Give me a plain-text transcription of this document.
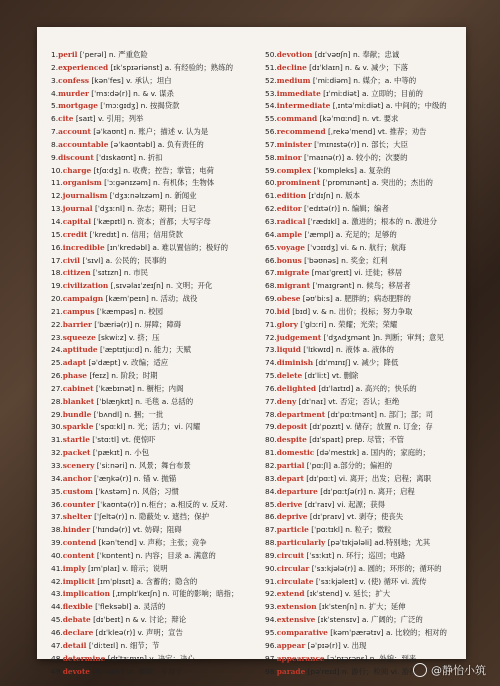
1.peril [ˈperəl] n. 严重危险
2.experienced [ɪkˈspɪəriənst] a. 有经验的；熟练的
3.confess [kənˈfes] v. 承认；坦白
4.murder [ˈmɜːdə(r)] n. & v. 谋杀
5.mortgage [ˈmɔːgɪdʒ] n. 按揭贷款
6.cite [saɪt] v. 引用；列举
7.account [əˈkaʊnt] n. 账户；描述 v. 认为是
8.accountable [əˈkaʊntəbl] a. 负有责任的
9.discount [ˈdɪskaʊnt] n. 折扣
10.charge [tʃɑːdʒ] n. 收费；控告；掌管；电荷
11.organism [ˈɔːgənɪzəm] n. 有机体；生物体
12.journalism [ˈdʒɜːnəlɪzəm] n. 新闻业
13.journal [ˈdʒɜːnl] n. 杂志；期刊；日记
14.capital [ˈkæpɪtl] n. 资本；首都；大写字母
15.credit [ˈkredɪt] n. 信用；信用贷款
16.incredible [ɪnˈkredəbl] a. 难以置信的；极好的
17.civil [ˈsɪvl] a. 公民的；民事的
18.citizen [ˈsɪtɪzn] n. 市民
19.civilization [ˌsɪvəlaɪˈzeɪʃn] n. 文明；开化
20.campaign [kæmˈpeɪn] n. 活动；战役
21.campus [ˈkæmpəs] n. 校园
22.barrier [ˈbæriə(r)] n. 屏障；障碍
23.squeeze [skwiːz] v. 挤；压
24.aptitude [ˈæptɪtjuːd] n. 能力；天赋
25.adapt [əˈdæpt] v. 改编；适应
26.phase [feɪz] n. 阶段；时期
27.cabinet [ˈkæbɪnət] n. 橱柜；内阁
28.blanket [ˈblæŋkɪt] n. 毛毯 a. 总括的
29.bundle [ˈbʌndl] n. 捆；一批
30.sparkle [ˈspɑːkl] n. 光；活力；vi. 闪耀
31.startle [ˈstɑːtl] vt. 使惊吓
32.packet [ˈpækɪt] n. 小包
33.scenery [ˈsiːnəri] n. 风景；舞台布景
34.anchor [ˈæŋkə(r)] n. 锚 v. 抛锚
35.custom [ˈkʌstəm] n. 风俗；习惯
36.counter [ˈkaʊntə(r)] n.柜台；a.相反的 v. 反对.
37.shelter [ˈʃeltə(r)] n. 隐蔽处 v. 遮挡；保护
38.hinder [ˈhɪndə(r)] vt. 妨碍；阻碍
39.contend [kənˈtend] v. 声称；主张；竞争
40.content [ˈkɒntent] n. 内容；目录 a. 满意的
41.imply [ɪmˈplaɪ] v. 暗示；说明
42.implicit [ɪmˈplɪsɪt] a. 含蓄的；隐含的
43.implication [ˌɪmplɪˈkeɪʃn] n. 可能的影响；暗指；
44.flexible [ˈfleksəbl] a. 灵活的
45.debate [dɪˈbeɪt] n & v. 讨论；辩论
46.declare [dɪˈkleə(r)] v. 声明；宣告
47.detail [ˈdiːteɪl] n. 细节；节
48.determine [dɪˈtɜːmɪn] v. 决定；决心
49.devote [dɪˈvəʊt] vt. 奉献；专用于
50.devotion [dɪˈvəʊʃn] n. 奉献；忠诚
51.decline [dɪˈklaɪn] n. & v. 减少；下落
52.medium [ˈmiːdiəm] n. 媒介；a. 中等的
53.immediate [ɪˈmiːdiət] a. 立即的；目前的
54.intermediate [ˌɪntəˈmiːdiət] a. 中间的；中级的
55.command [kəˈmɑːnd] n. vt. 要求
56.recommend [ˌrekəˈmend] vt. 推荐；劝告
57.minister [ˈmɪnɪstə(r)] n. 部长；大臣
58.minor [ˈmaɪnə(r)] a. 较小的；次要的
59.complex [ˈkɒmpleks] a. 复杂的
60.prominent [ˈprɒmɪnənt] a. 突出的；杰出的
61.edition [ɪˈdɪʃn] n. 版本
62.editor [ˈedɪtə(r)] n. 编辑；编者
63.radical [ˈrædɪkl] a. 激进的；根本的 n. 激进分
64.ample [ˈæmpl] a. 充足的；足够的
65.voyage [ˈvɔɪɪdʒ] vi. & n. 航行；航海
66.bonus [ˈbəʊnəs] n. 奖金；红利
67.migrate [maɪˈgreɪt] vi. 迁徙；移居
68.migrant [ˈmaɪgrənt] n. 候鸟；移居者
69.obese [əʊˈbiːs] a. 肥胖的；病态肥胖的
70.bid [bɪd] v. & n. 出价；投标；努力争取
71.glory [ˈglɔːri] n. 荣耀；光荣；荣耀
72.judgement [ˈdʒʌdʒmənt ]n. 判断；审判；意见
73.liquid [ˈlɪkwɪd] n. 液体 a. 液体的
74.diminish [dɪˈmɪnɪʃ] v. 减少；降低
75.delete [dɪˈliːt] vt. 删除
76.delighted [dɪˈlaɪtɪd] a. 高兴的；快乐的
77.deny [dɪˈnaɪ] vt. 否定；否认；拒绝
78.department [dɪˈpɑːtmənt] n. 部门；部；司
79.deposit [dɪˈpɒzɪt] v. 储存；放置 n. 订金；存
80.despite [dɪˈspaɪt] prep. 尽管；不管
81.domestic [dəˈmestɪk] a. 国内的；家庭的；
82.partial [ˈpɑːʃl] a.部分的；偏袒的
83.depart [dɪˈpɑːt] vi. 离开；出发；启程；离职
84.departure [dɪˈpɑːtʃə(r)] n. 离开；启程
85.derive [dɪˈraɪv] vi. 起源；获得
86.deprive [dɪˈpraɪv] vt. 剥夺；使丧失
87.particle [ˈpɑːtɪkl] n. 粒子；微粒
88.particularly [pəˈtɪkjələli] ad.特别地；尤其
89.circuit [ˈsɜːkɪt] n. 环行；巡回；电路
90.circular [ˈsɜːkjələ(r)] a. 圆的；环形的；循环的
91.circulate [ˈsɜːkjəleɪt] v. (使) 循环 vi. 流传
92.extend [ɪkˈstend] v. 延长；扩大
93.extension [ɪkˈstenʃn] n. 扩大；延伸
94.extensive [ɪkˈstensɪv] a. 广阔的；广泛的
95.comparative [kəmˈpærətɪv] a. 比较的；相对的
96.appear [əˈpɪə(r)] v. 出现
97.appearance [əˈpɪərəns] n. 外貌；到来
98.parade [pəˈreɪd] n. 游行；检阅 vi. 游行	@静怡小筑
